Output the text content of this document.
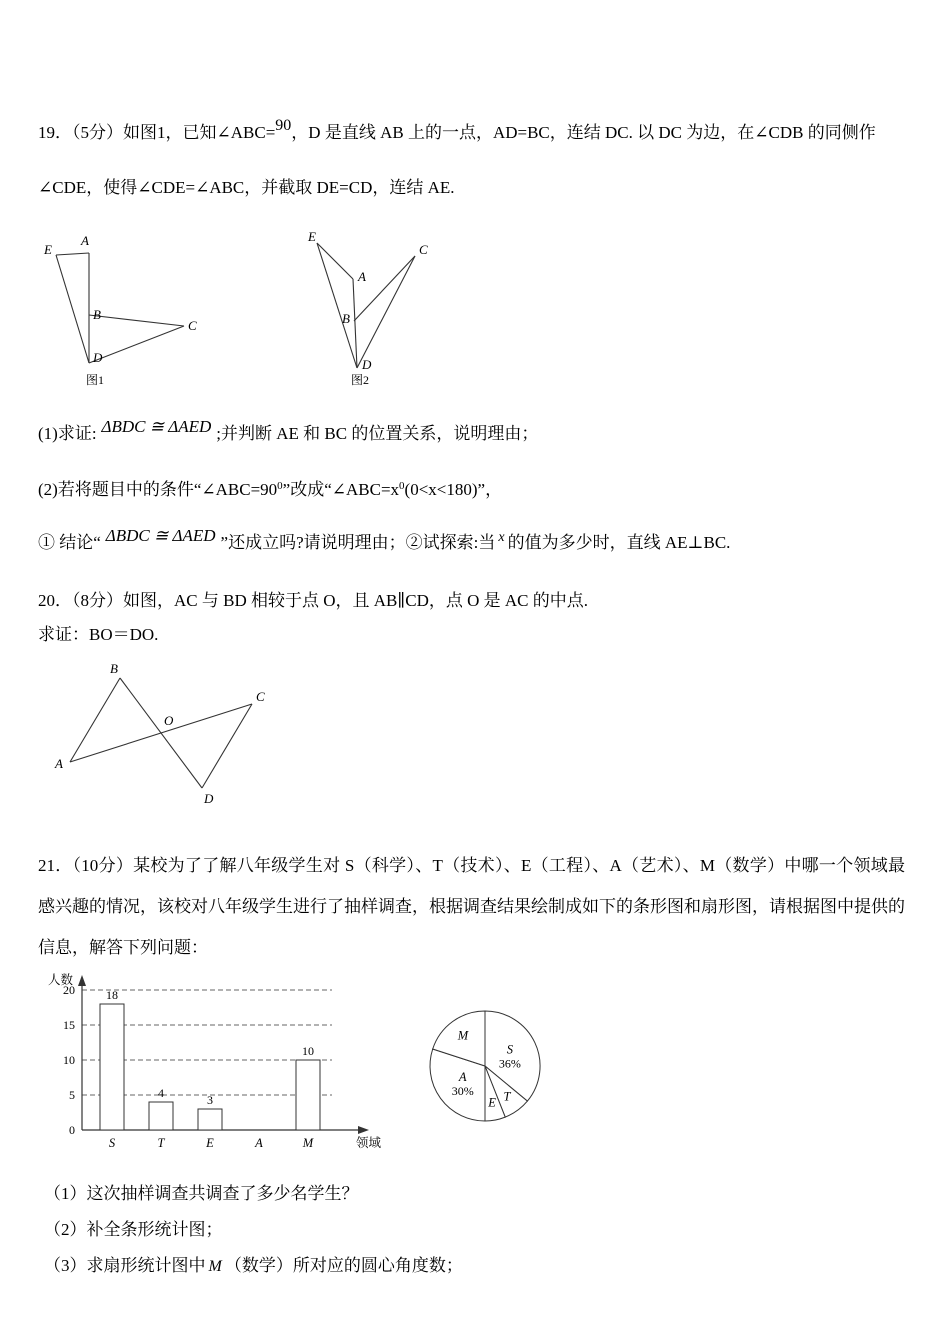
19．（5分）如图1，已知∠ABC=90，D 是直线 AB 上的一点，AD=BC，连结 DC. 以 DC 为边，在∠CDB 的同侧作∠CDE，使得∠CDE=∠ABC，并截取 DE=CD，连结 AE.

E
A
B
C
D
图1
E
C
A
B
D
图2

(1)求证: ΔBDC ≅ ΔAED ;并判断 AE 和 BC 的位置关系，说明理由；

(2)若将题目中的条件“$\angle ABC=90^0$”改成“$\angle ABC=x^0(0<x<180)$”，

① 结论“ ΔBDC ≅ ΔAED ”还成立吗?请说明理由；②试探索:当 $^x$ 的值为多少时，直线 AE⊥BC.

20．（8分）如图，AC 与 BD 相较于点 O，且 AB∥CD，点 O 是 AC 的中点.

求证：BO＝DO.

B
C
O
A
D

21．（10分）某校为了了解八年级学生对 S（科学）、T（技术）、E（工程）、A（艺术）、M（数学）中哪一个领域最感兴趣的情况，该校对八年级学生进行了抽样调查，根据调查结果绘制成如下的条形图和扇形图，请根据图中提供的信息，解答下列问题：

0
5
10
15
20
人数
领域
S
18
T
4
E
3
A	M
10	S
36%
T
E
A
30%
M

（1）这次抽样调查共调查了多少名学生？

（2）补全条形统计图；

（3）求扇形统计图中 M （数学）所对应的圆心角度数；
